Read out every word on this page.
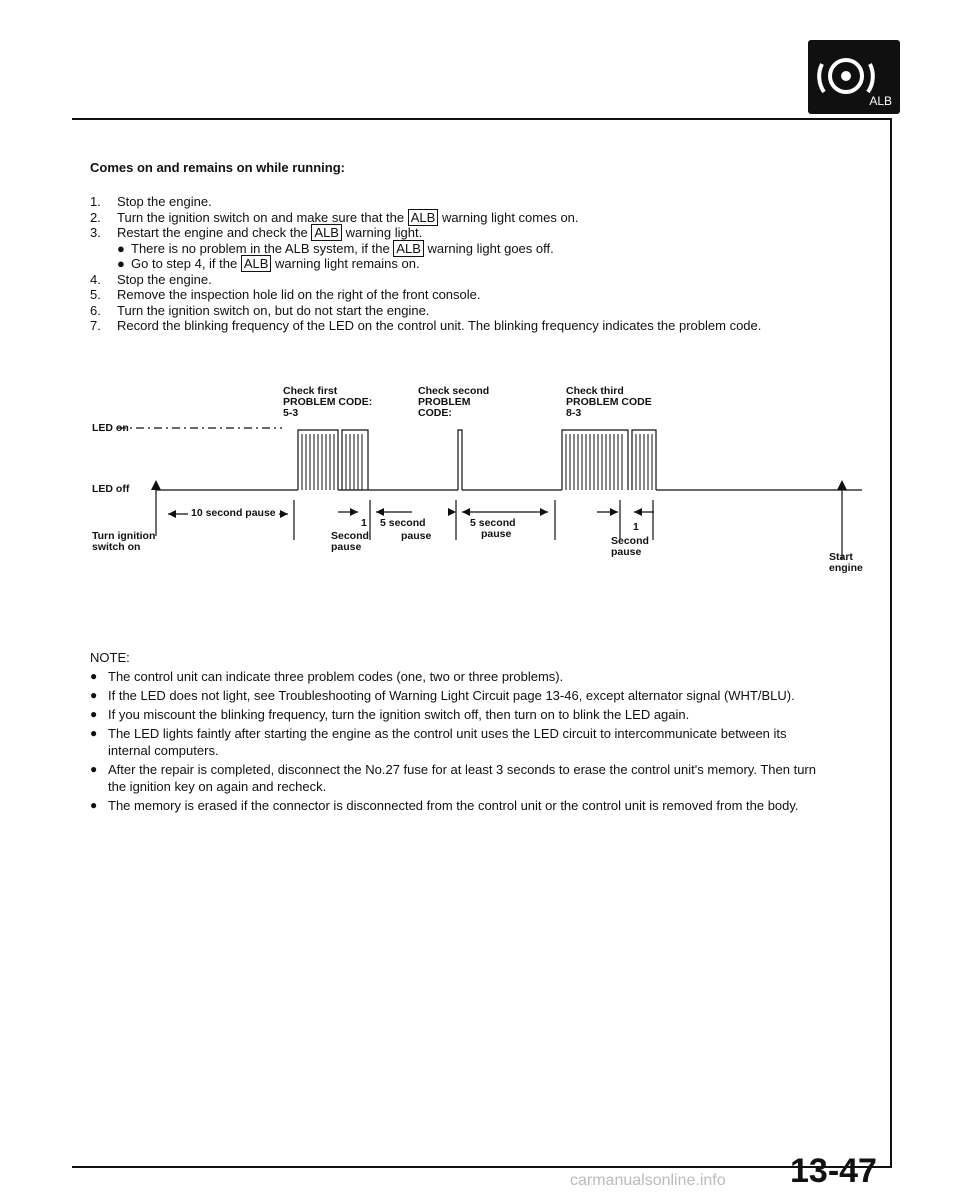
ALB
Comes on and remains on while running:
1. Stop the engine.
2. Turn the ignition switch on and make sure that the ALB warning light comes on.
3. Restart the engine and check the ALB warning light.
● There is no problem in the ALB system, if the ALB warning light goes off.
● Go to step 4, if the ALB warning light remains on.
4. Stop the engine.
5. Remove the inspection hole lid on the right of the front console.
6. Turn the ignition switch on, but do not start the engine.
7. Record the blinking frequency of the LED on the control unit. The blinking frequency indicates the problem code.
LED on
LED off
10 second pause
Turn ignition
switch on
Check first
PROBLEM CODE:
5-3
Check second
PROBLEM
CODE:
Check third
PROBLEM CODE
8-3
1
Second
pause
5 second
pause
5 second
pause
1
Second
pause	Start
engine
NOTE:
● The control unit can indicate three problem codes (one, two or three problems).
● If the LED does not light, see Troubleshooting of Warning Light Circuit page 13-46, except alternator signal (WHT/BLU).
● If you miscount the blinking frequency, turn the ignition switch off, then turn on to blink the LED again.
● The LED lights faintly after starting the engine as the control unit uses the LED circuit to intercommunicate between its internal computers.
● After the repair is completed, disconnect the No.27 fuse for at least 3 seconds to erase the control unit's memory. Then turn the ignition key on again and recheck.
● The memory is erased if the connector is disconnected from the control unit or the control unit is removed from the body.
carmanualsonline.info 13-47
